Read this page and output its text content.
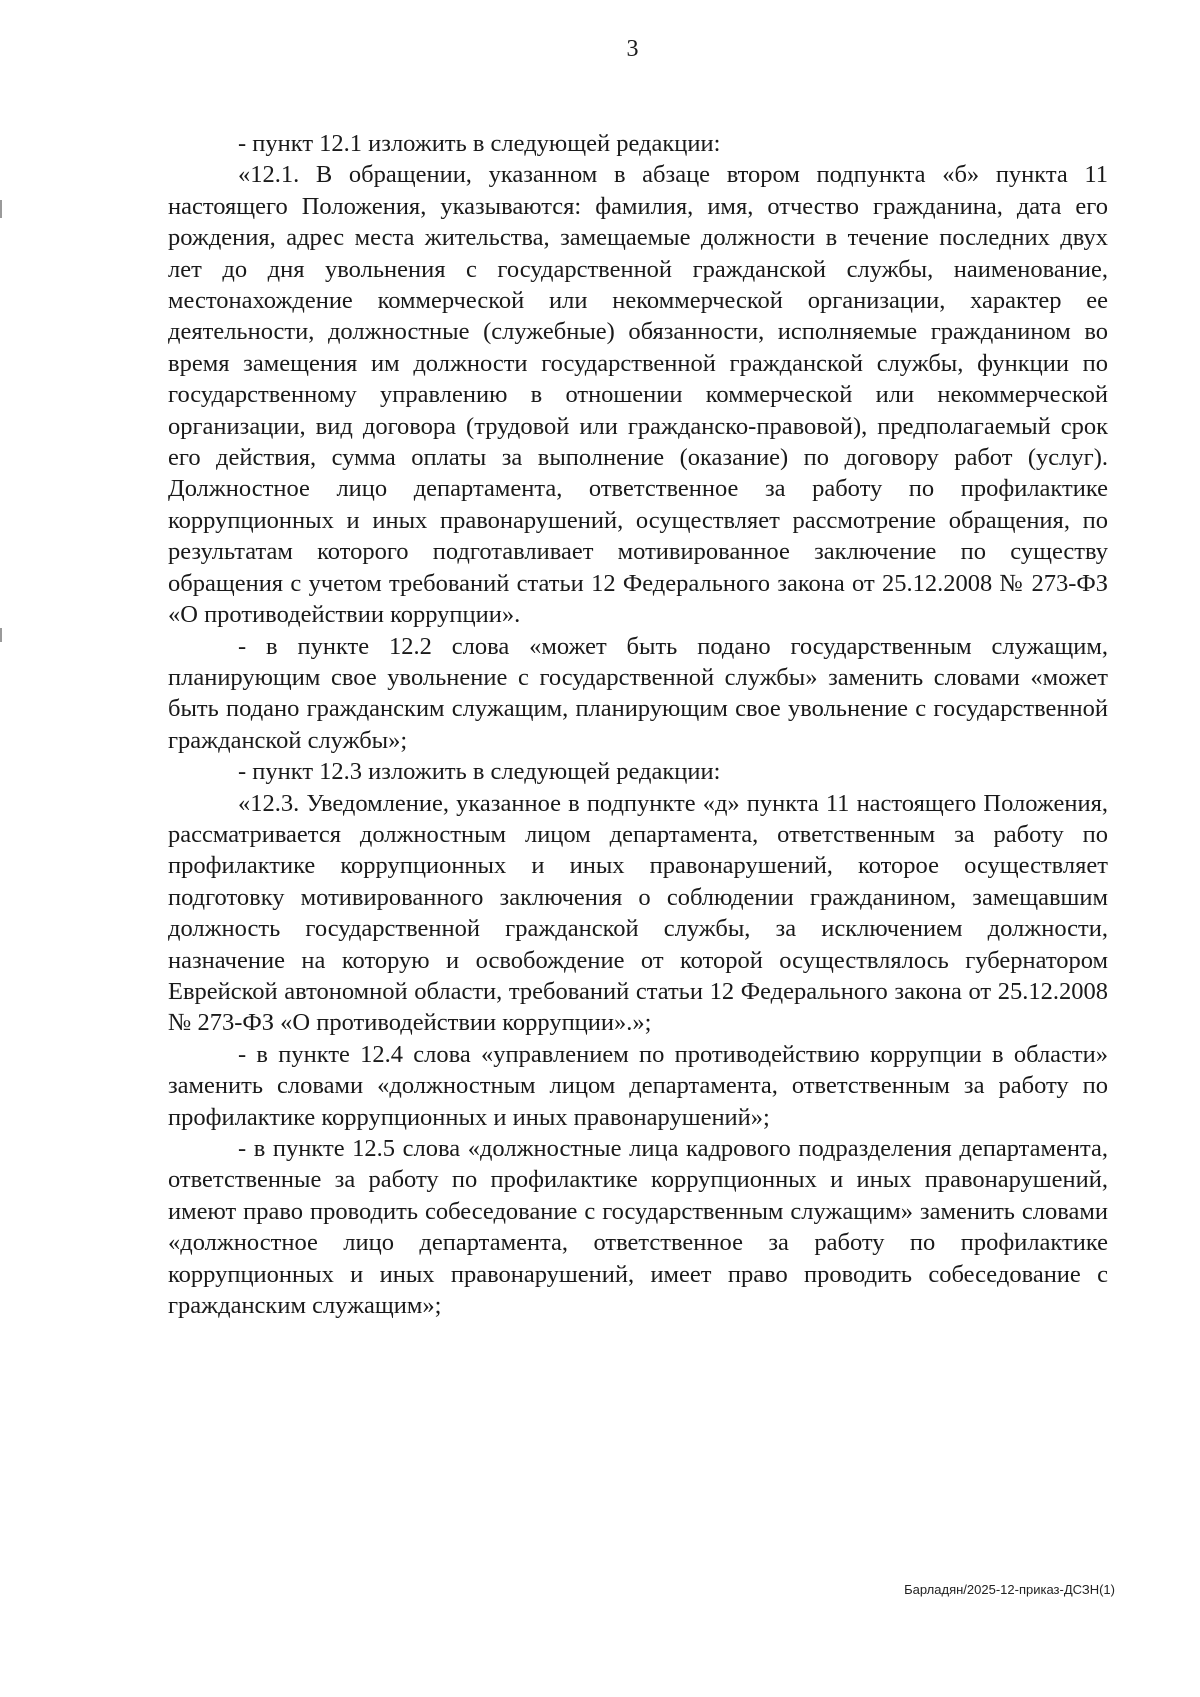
3

- пункт 12.1 изложить в следующей редакции:

«12.1. В обращении, указанном в абзаце втором подпункта «б» пункта 11 настоящего Положения, указываются: фамилия, имя, отчество гражданина, дата его рождения, адрес места жительства, замещаемые должности в течение последних двух лет до дня увольнения с государственной гражданской службы, наименование, местонахождение коммерческой или некоммерческой организации, характер ее деятельности, должностные (служебные) обязанности, исполняемые гражданином во время замещения им должности государственной гражданской службы, функции по государственному управлению в отношении коммерческой или некоммерческой организации, вид договора (трудовой или гражданско-правовой), предполагаемый срок его действия, сумма оплаты за выполнение (оказание) по договору работ (услуг). Должностное лицо департамента, ответственное за работу по профилактике коррупционных и иных правонарушений, осуществляет рассмотрение обращения, по результатам которого подготавливает мотивированное заключение по существу обращения с учетом требований статьи 12 Федерального закона от 25.12.2008 № 273-ФЗ «О противодействии коррупции».

- в пункте 12.2 слова «может быть подано государственным служащим, планирующим свое увольнение с государственной службы» заменить словами «может быть подано гражданским служащим, планирующим свое увольнение с государственной гражданской службы»;

- пункт 12.3 изложить в следующей редакции:

«12.3. Уведомление, указанное в подпункте «д» пункта 11 настоящего Положения, рассматривается должностным лицом департамента, ответственным за работу по профилактике коррупционных и иных правонарушений, которое осуществляет подготовку мотивированного заключения о соблюдении гражданином, замещавшим должность государственной гражданской службы, за исключением должности, назначение на которую и освобождение от которой осуществлялось губернатором Еврейской автономной области, требований статьи 12 Федерального закона от 25.12.2008 № 273-ФЗ «О противодействии коррупции».»;

- в пункте 12.4 слова «управлением по противодействию коррупции в области» заменить словами «должностным лицом департамента, ответственным за работу по профилактике коррупционных и иных правонарушений»;

- в пункте 12.5 слова «должностные лица кадрового подразделения департамента, ответственные за работу по профилактике коррупционных и иных правонарушений, имеют право проводить собеседование с государственным служащим» заменить словами «должностное лицо департамента, ответственное за работу по профилактике коррупционных и иных правонарушений, имеет право проводить собеседование с гражданским служащим»;

Барладян/2025-12-приказ-ДСЗН(1)
